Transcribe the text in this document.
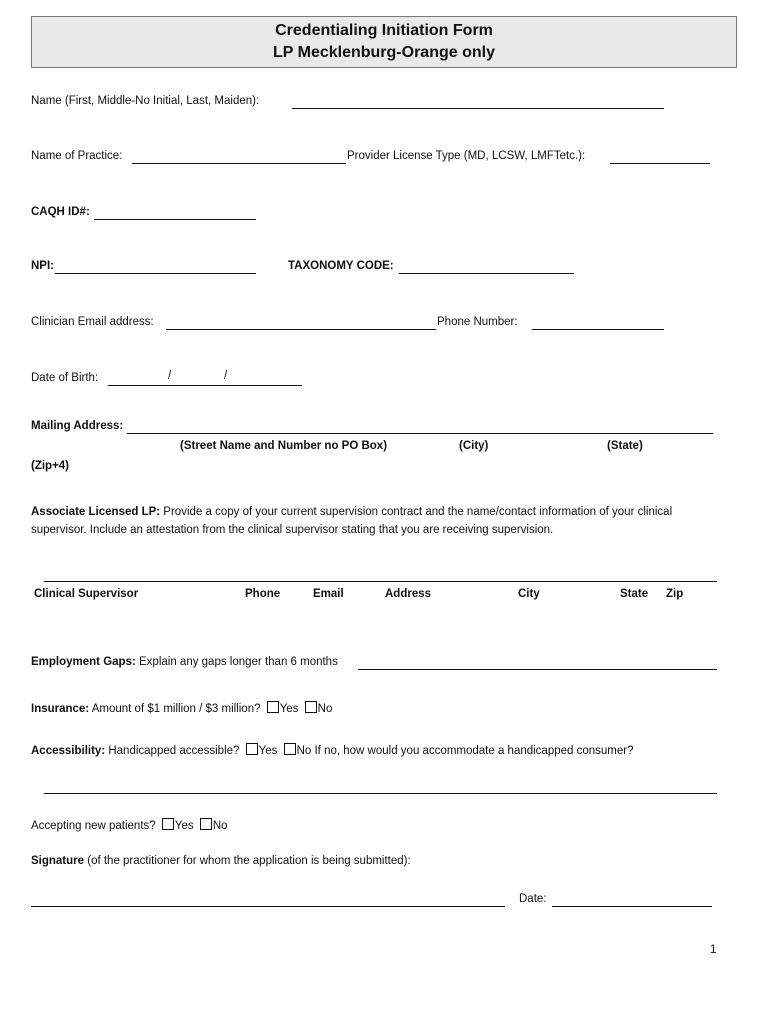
Credentialing Initiation Form
LP Mecklenburg-Orange only
Name (First, Middle-No Initial, Last, Maiden):
Name of Practice:	Provider License Type (MD, LCSW, LMFTetc.):
CAQH ID#:
NPI:	TAXONOMY CODE:
Clinician Email address:	Phone Number:
Date of Birth:	/	/
Mailing Address:
(Street Name and Number no PO Box)	(City)	(State)
(Zip+4)
Associate Licensed LP: Provide a copy of your current supervision contract and the name/contact information of your clinical supervisor. Include an attestation from the clinical supervisor stating that you are receiving supervision.
Clinical Supervisor	Phone	Email	Address	City	State Zip
Employment Gaps: Explain any gaps longer than 6 months
Insurance: Amount of $1 million / $3 million? Yes No
Accessibility: Handicapped accessible? Yes No If no, how would you accommodate a handicapped consumer?
Accepting new patients? Yes No
Signature (of the practitioner for whom the application is being submitted):
Date:
1
